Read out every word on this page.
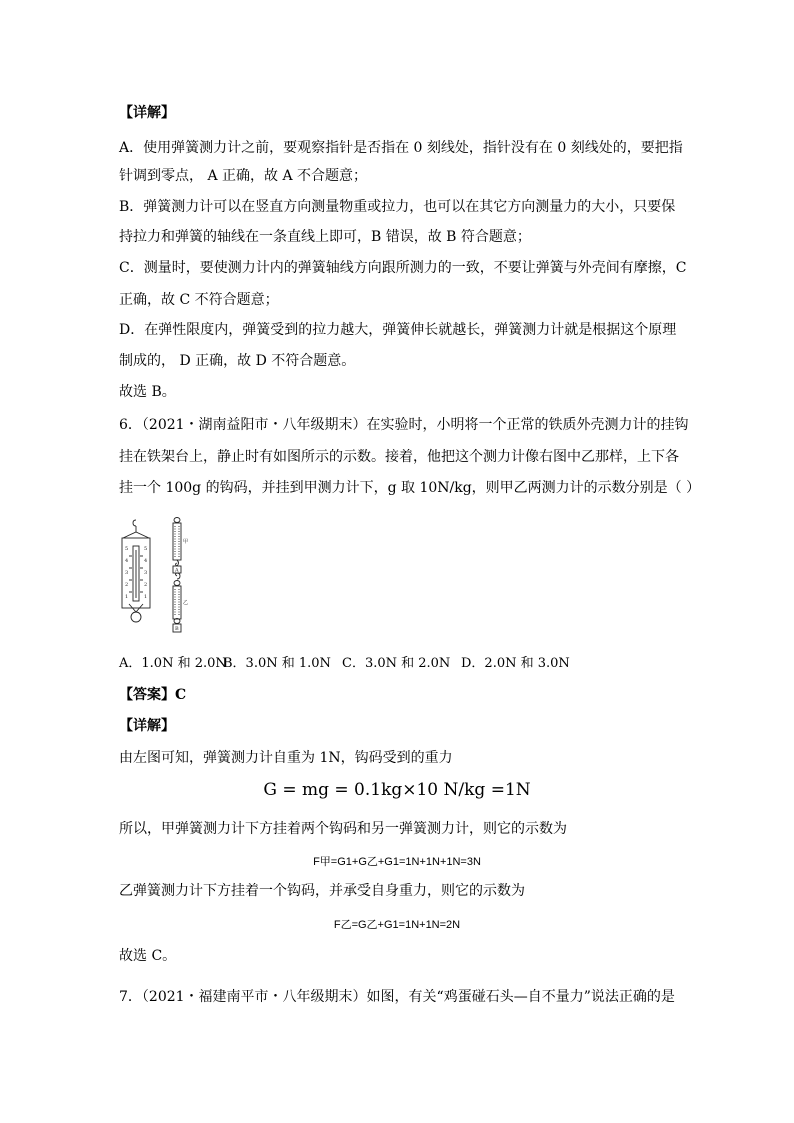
【详解】
A．使用弹簧测力计之前，要观察指针是否指在 0 刻线处，指针没有在 0 刻线处的，要把指
针调到零点， A 正确，故 A 不合题意；
B．弹簧测力计可以在竖直方向测量物重或拉力，也可以在其它方向测量力的大小，只要保
持拉力和弹簧的轴线在一条直线上即可，B 错误，故 B 符合题意；
C．测量时，要使测力计内的弹簧轴线方向跟所测力的一致，不要让弹簧与外壳间有摩擦，C
正确，故 C 不符合题意；
D．在弹性限度内，弹簧受到的拉力越大，弹簧伸长就越长，弹簧测力计就是根据这个原理
制成的， D 正确，故 D 不符合题意。
故选 B。
6．（2021・湖南益阳市・八年级期末）在实验时，小明将一个正常的铁质外壳测力计的挂钩
挂在铁架台上，静止时有如图所示的示数。接着，他把这个测力计像右图中乙那样，上下各
挂一个 100g 的钩码，并挂到甲测力计下，g 取 10N/kg，则甲乙两测力计的示数分别是（ ）
5
4
3
2
1
5
4
3
2
1
甲
乙
A
B
A．1.0N 和 2.0NB．3.0N 和 1.0N C．3.0N 和 2.0N D．2.0N 和 3.0N
【答案】C
【详解】
由左图可知，弹簧测力计自重为 1N，钩码受到的重力
G = mg = 0.1kg×10 N/kg =1N
所以，甲弹簧测力计下方挂着两个钩码和另一弹簧测力计，则它的示数为
F甲=G1+G乙+G1=1N+1N+1N=3N
乙弹簧测力计下方挂着一个钩码，并承受自身重力，则它的示数为
F乙=G乙+G1=1N+1N=2N
故选 C。
7．（2021・福建南平市・八年级期末）如图，有关“鸡蛋碰石头—自不量力”说法正确的是
